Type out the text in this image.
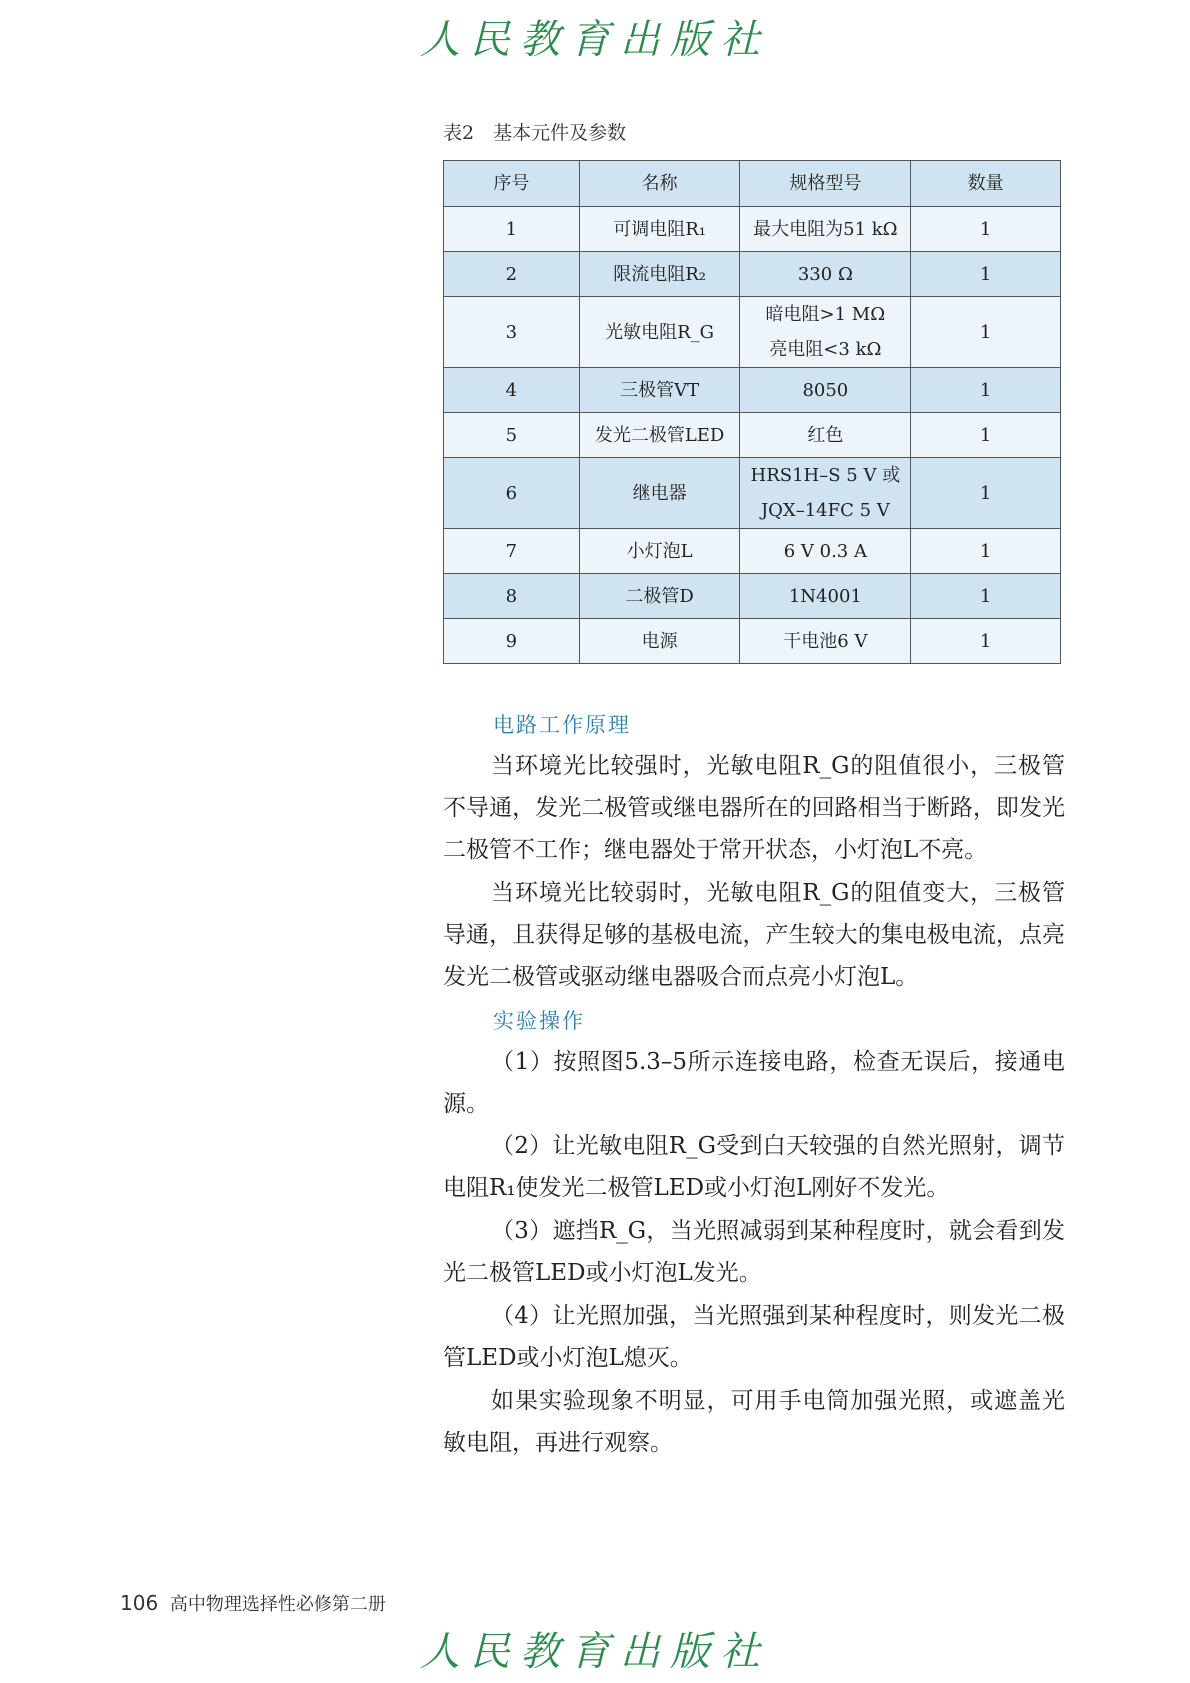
人民教育出版社
表2　基本元件及参数
序号	名称	规格型号	数量
1	可调电阻R₁	最大电阻为51 kΩ	1
2	限流电阻R₂	330 Ω	1
3	光敏电阻R_G	暗电阻>1 MΩ
亮电阻<3 kΩ	1
4	三极管VT	8050	1
5	发光二极管LED	红色	1
6	继电器	HRS1H–S 5 V 或
JQX–14FC 5 V	1
7	小灯泡L	6 V 0.3 A	1
8	二极管D	1N4001	1
9	电源	干电池6 V	1
电路工作原理

当环境光比较强时，光敏电阻R_G的阻值很小，三极管不导通，发光二极管或继电器所在的回路相当于断路，即发光二极管不工作；继电器处于常开状态，小灯泡L不亮。

当环境光比较弱时，光敏电阻R_G的阻值变大，三极管导通，且获得足够的基极电流，产生较大的集电极电流，点亮发光二极管或驱动继电器吸合而点亮小灯泡L。

实验操作

（1）按照图5.3–5所示连接电路，检查无误后，接通电源。

（2）让光敏电阻R_G受到白天较强的自然光照射，调节电阻R₁使发光二极管LED或小灯泡L刚好不发光。

（3）遮挡R_G，当光照减弱到某种程度时，就会看到发光二极管LED或小灯泡L发光。

（4）让光照加强，当光照强到某种程度时，则发光二极管LED或小灯泡L熄灭。

如果实验现象不明显，可用手电筒加强光照，或遮盖光敏电阻，再进行观察。

106 高中物理选择性必修第二册
人民教育出版社
